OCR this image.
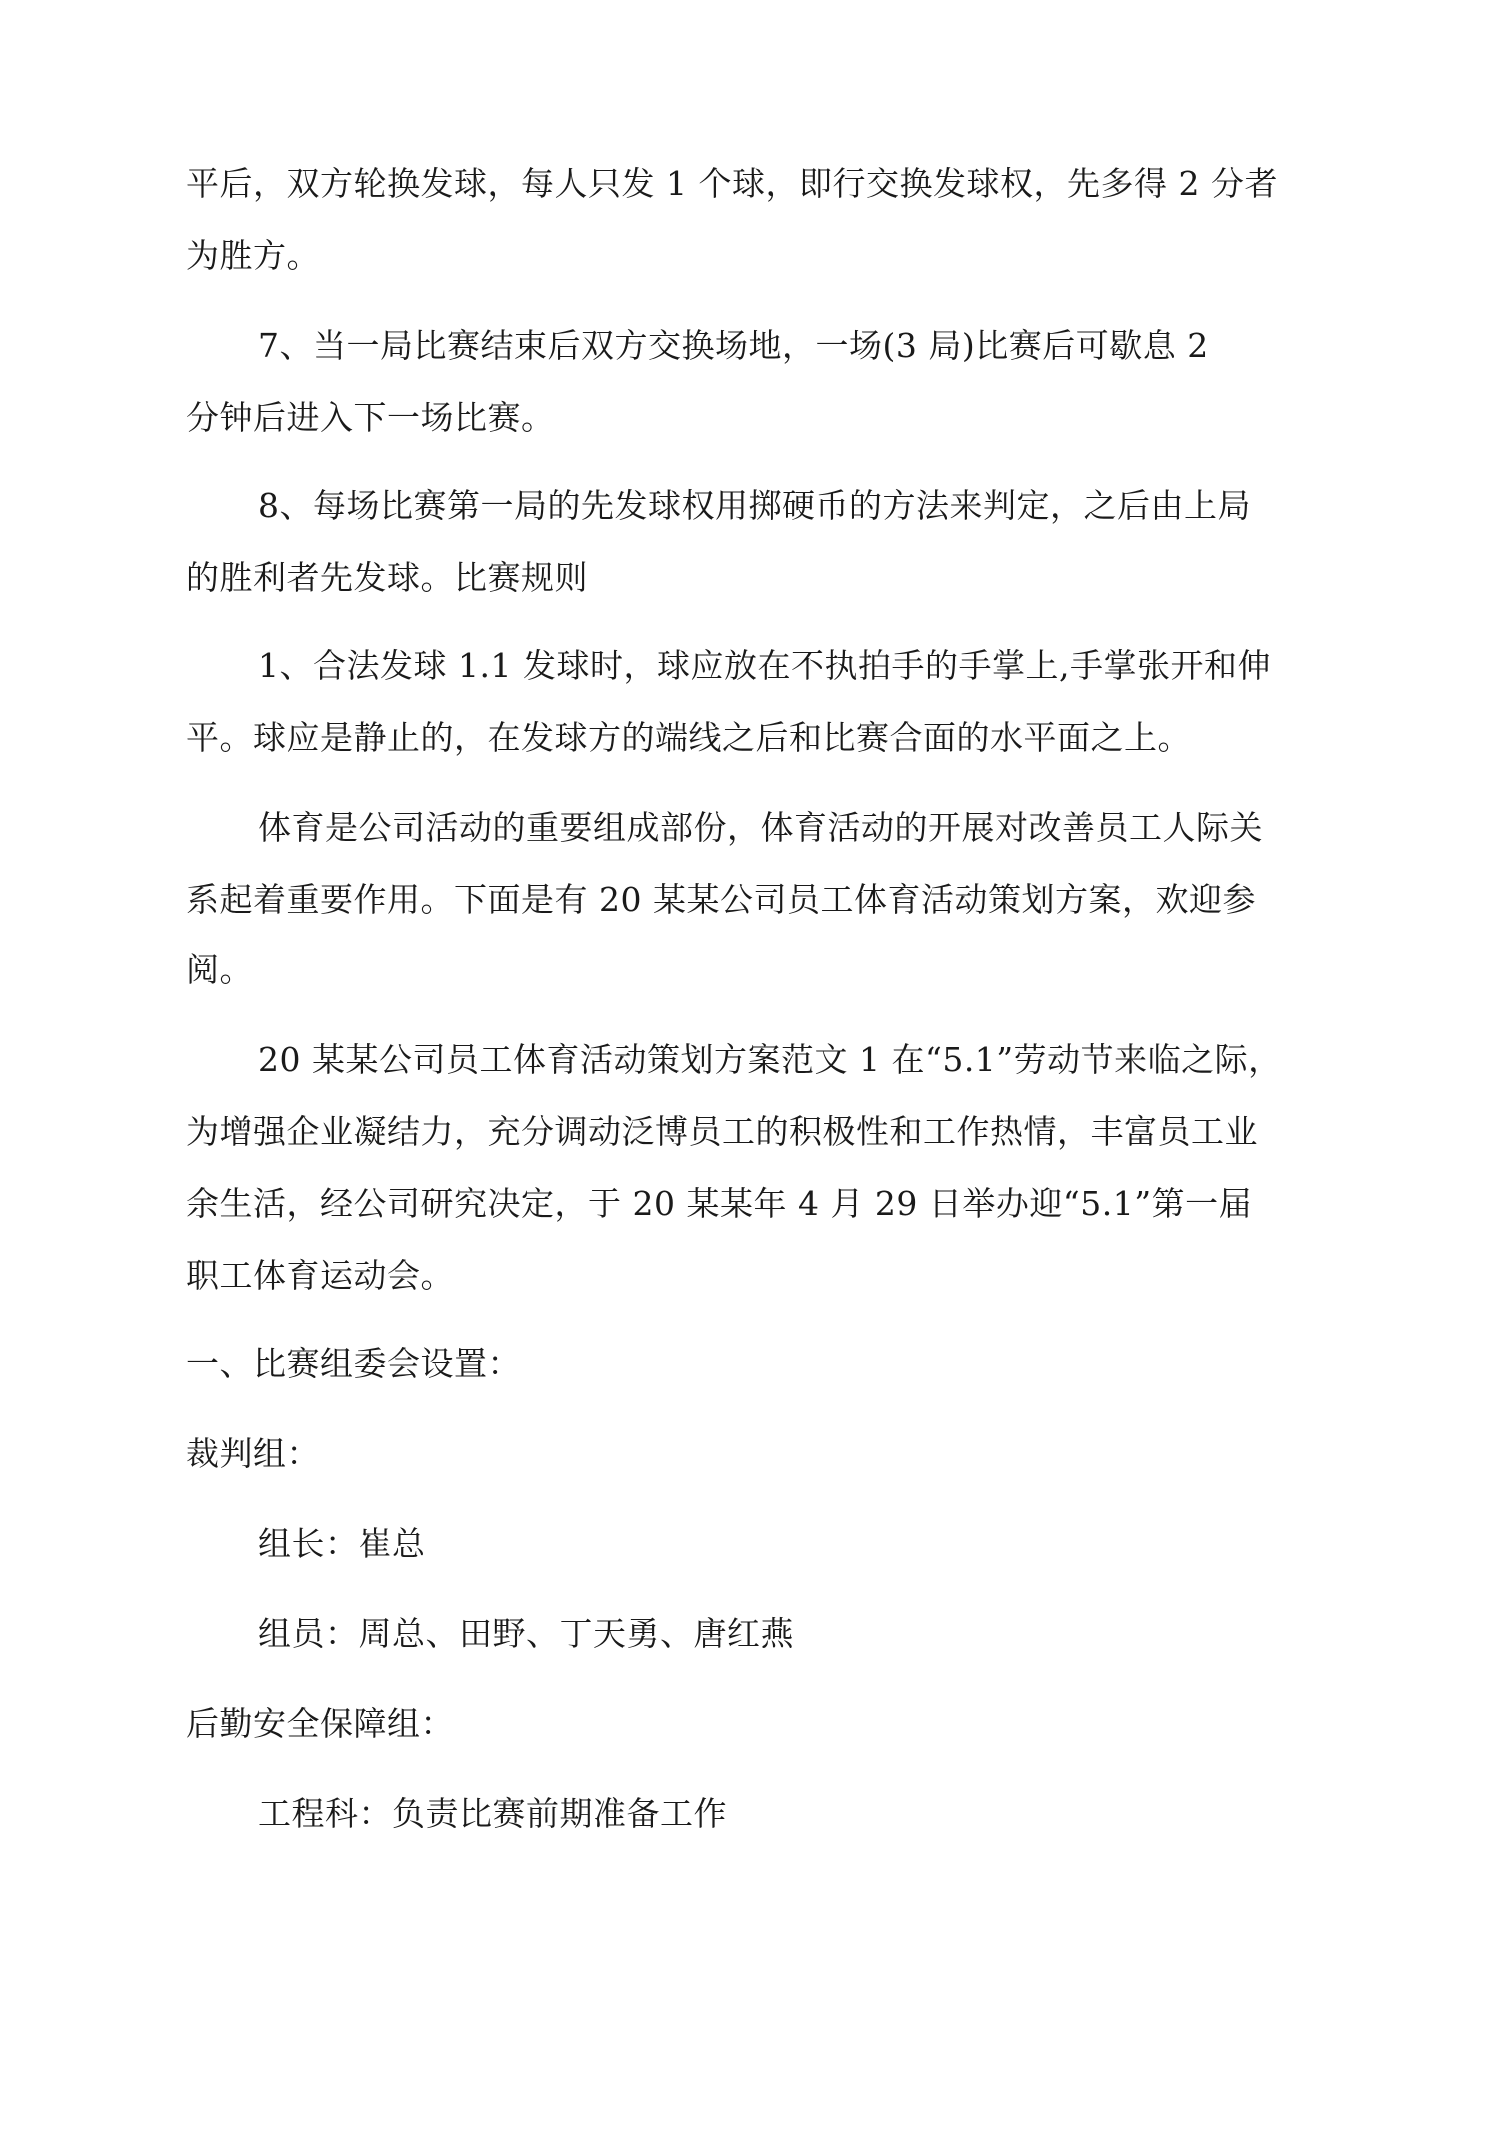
平后，双方轮换发球，每人只发 1 个球，即行交换发球权，先多得 2 分者
为胜方。
7、当一局比赛结束后双方交换场地，一场(3 局)比赛后可歇息 2
分钟后进入下一场比赛。
8、每场比赛第一局的先发球权用掷硬币的方法来判定，之后由上局
的胜利者先发球。比赛规则
1、合法发球 1.1 发球时，球应放在不执拍手的手掌上,手掌张开和伸
平。球应是静止的，在发球方的端线之后和比赛合面的水平面之上。
体育是公司活动的重要组成部份，体育活动的开展对改善员工人际关
系起着重要作用。下面是有 20 某某公司员工体育活动策划方案，欢迎参
阅。
20 某某公司员工体育活动策划方案范文 1 在“5.1”劳动节来临之际，
为增强企业凝结力，充分调动泛博员工的积极性和工作热情，丰富员工业
余生活，经公司研究决定，于 20 某某年 4 月 29 日举办迎“5.1”第一届
职工体育运动会。
一、比赛组委会设置：
裁判组：
组长：崔总
组员：周总、田野、丁天勇、唐红燕
后勤安全保障组：
工程科：负责比赛前期准备工作
